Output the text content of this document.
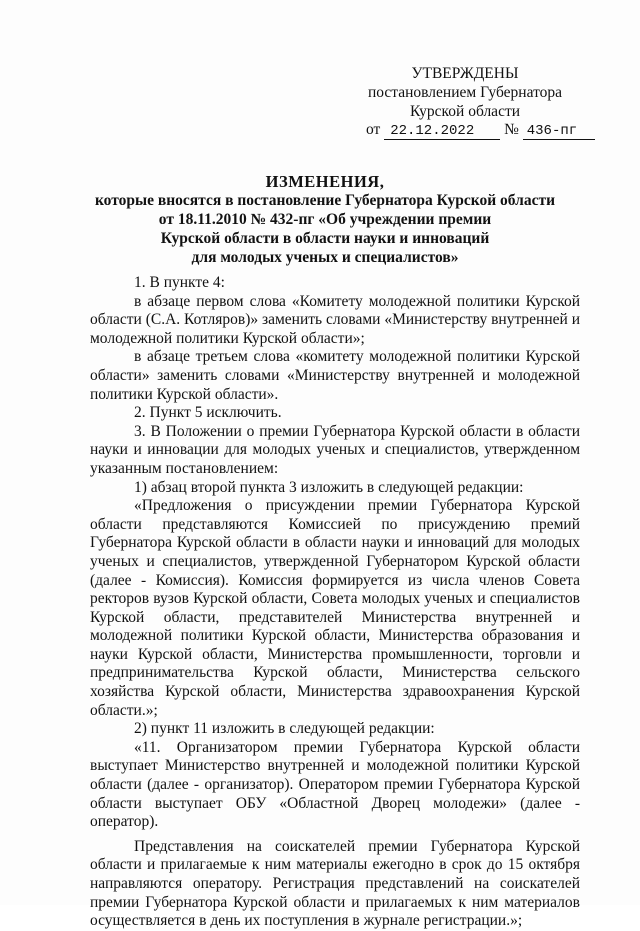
УТВЕРЖДЕНЫ
постановлением Губернатора
Курской области
от 22.12.2022 № 436-пг
ИЗМЕНЕНИЯ,
которые вносятся в постановление Губернатора Курской области
от 18.11.2010 № 432-пг «Об учреждении премии
Курской области в области науки и инноваций
для молодых ученых и специалистов»

1. В пункте 4:

в абзаце первом слова «Комитету молодежной политики Курской области (С.А. Котляров)» заменить словами «Министерству внутренней и молодежной политики Курской области»;

в абзаце третьем слова «комитету молодежной политики Курской области» заменить словами «Министерству внутренней и молодежной политики Курской области».

2. Пункт 5 исключить.

3. В Положении о премии Губернатора Курской области в области науки и инновации для молодых ученых и специалистов, утвержденном указанным постановлением:

1) абзац второй пункта 3 изложить в следующей редакции:

«Предложения о присуждении премии Губернатора Курской области представляются Комиссией по присуждению премий Губернатора Курской области в области науки и инноваций для молодых ученых и специалистов, утвержденной Губернатором Курской области (далее - Комиссия). Комиссия формируется из числа членов Совета ректоров вузов Курской области, Совета молодых ученых и специалистов Курской области, представителей Министерства внутренней и молодежной политики Курской области, Министерства образования и науки Курской области, Министерства промышленности, торговли и предпринимательства Курской области, Министерства сельского хозяйства Курской области, Министерства здравоохранения Курской области.»;

2) пункт 11 изложить в следующей редакции:

«11. Организатором премии Губернатора Курской области выступает Министерство внутренней и молодежной политики Курской области (далее - организатор). Оператором премии Губернатора Курской области выступает ОБУ «Областной Дворец молодежи» (далее - оператор).

Представления на соискателей премии Губернатора Курской области и прилагаемые к ним материалы ежегодно в срок до 15 октября направляются оператору. Регистрация представлений на соискателей премии Губернатора Курской области и прилагаемых к ним материалов осуществляется в день их поступления в журнале регистрации.»;
